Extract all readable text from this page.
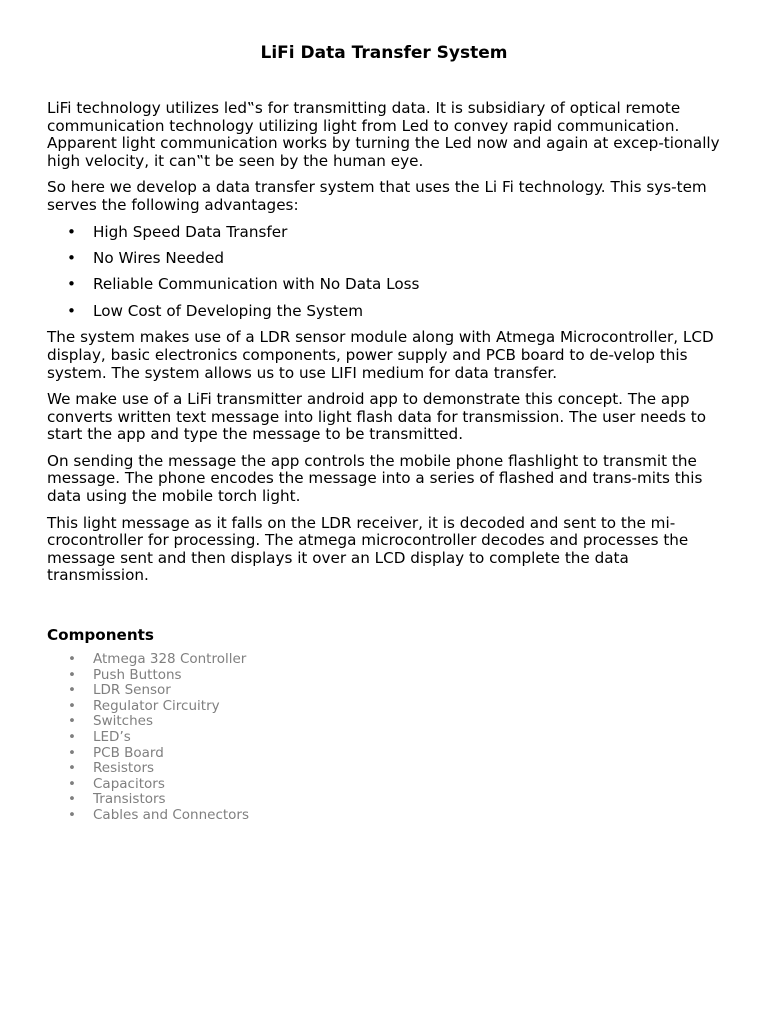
LiFi Data Transfer System

LiFi technology utilizes led‟s for transmitting data. It is subsidiary of optical remote communication technology utilizing light from Led to convey rapid communication. Apparent light communication works by turning the Led now and again at excep-tionally high velocity, it can‟t be seen by the human eye.

So here we develop a data transfer system that uses the Li Fi technology. This sys-tem serves the following advantages:

• High Speed Data Transfer
• No Wires Needed
• Reliable Communication with No Data Loss
• Low Cost of Developing the System

The system makes use of a LDR sensor module along with Atmega Microcontroller, LCD display, basic electronics components, power supply and PCB board to de-velop this system. The system allows us to use LIFI medium for data transfer.

We make use of a LiFi transmitter android app to demonstrate this concept. The app converts written text message into light flash data for transmission. The user needs to start the app and type the message to be transmitted.

On sending the message the app controls the mobile phone flashlight to transmit the message. The phone encodes the message into a series of flashed and trans-mits this data using the mobile torch light.

This light message as it falls on the LDR receiver, it is decoded and sent to the mi-crocontroller for processing. The atmega microcontroller decodes and processes the message sent and then displays it over an LCD display to complete the data transmission.

Components
• Atmega 328 Controller
• Push Buttons
• LDR Sensor
• Regulator Circuitry
• Switches
• LED’s
• PCB Board
• Resistors
• Capacitors
• Transistors
• Cables and Connectors
